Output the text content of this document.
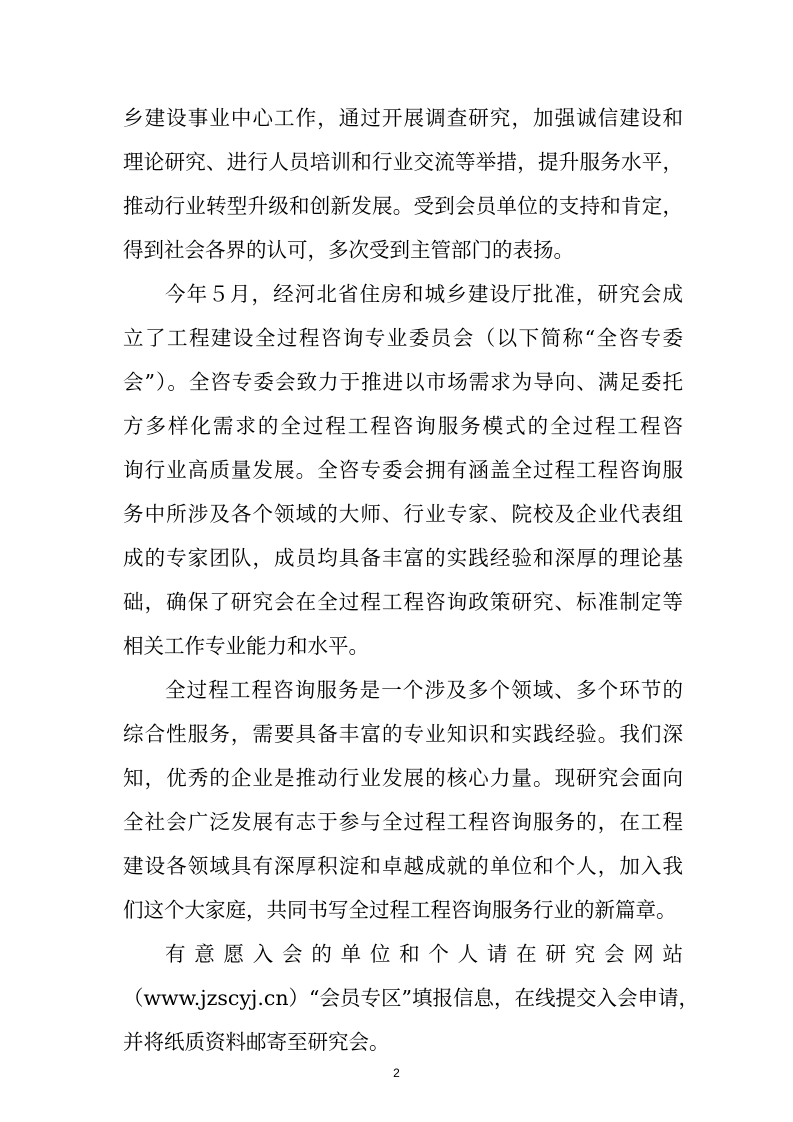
乡建设事业中心工作，通过开展调查研究，加强诚信建设和
理论研究、进行人员培训和行业交流等举措，提升服务水平，
推动行业转型升级和创新发展。受到会员单位的支持和肯定，
得到社会各界的认可，多次受到主管部门的表扬。
今年５月，经河北省住房和城乡建设厅批准，研究会成
立了工程建设全过程咨询专业委员会（以下简称“全咨专委
会”）。全咨专委会致力于推进以市场需求为导向、满足委托
方多样化需求的全过程工程咨询服务模式的全过程工程咨
询行业高质量发展。全咨专委会拥有涵盖全过程工程咨询服
务中所涉及各个领域的大师、行业专家、院校及企业代表组
成的专家团队，成员均具备丰富的实践经验和深厚的理论基
础，确保了研究会在全过程工程咨询政策研究、标准制定等
相关工作专业能力和水平。
全过程工程咨询服务是一个涉及多个领域、多个环节的
综合性服务，需要具备丰富的专业知识和实践经验。我们深
知，优秀的企业是推动行业发展的核心力量。现研究会面向
全社会广泛发展有志于参与全过程工程咨询服务的，在工程
建设各领域具有深厚积淀和卓越成就的单位和个人，加入我
们这个大家庭，共同书写全过程工程咨询服务行业的新篇章。
有意愿入会的单位和个人请在研究会网站
（www.jzscyj.cn）“会员专区”填报信息，在线提交入会申请，
并将纸质资料邮寄至研究会。
2
